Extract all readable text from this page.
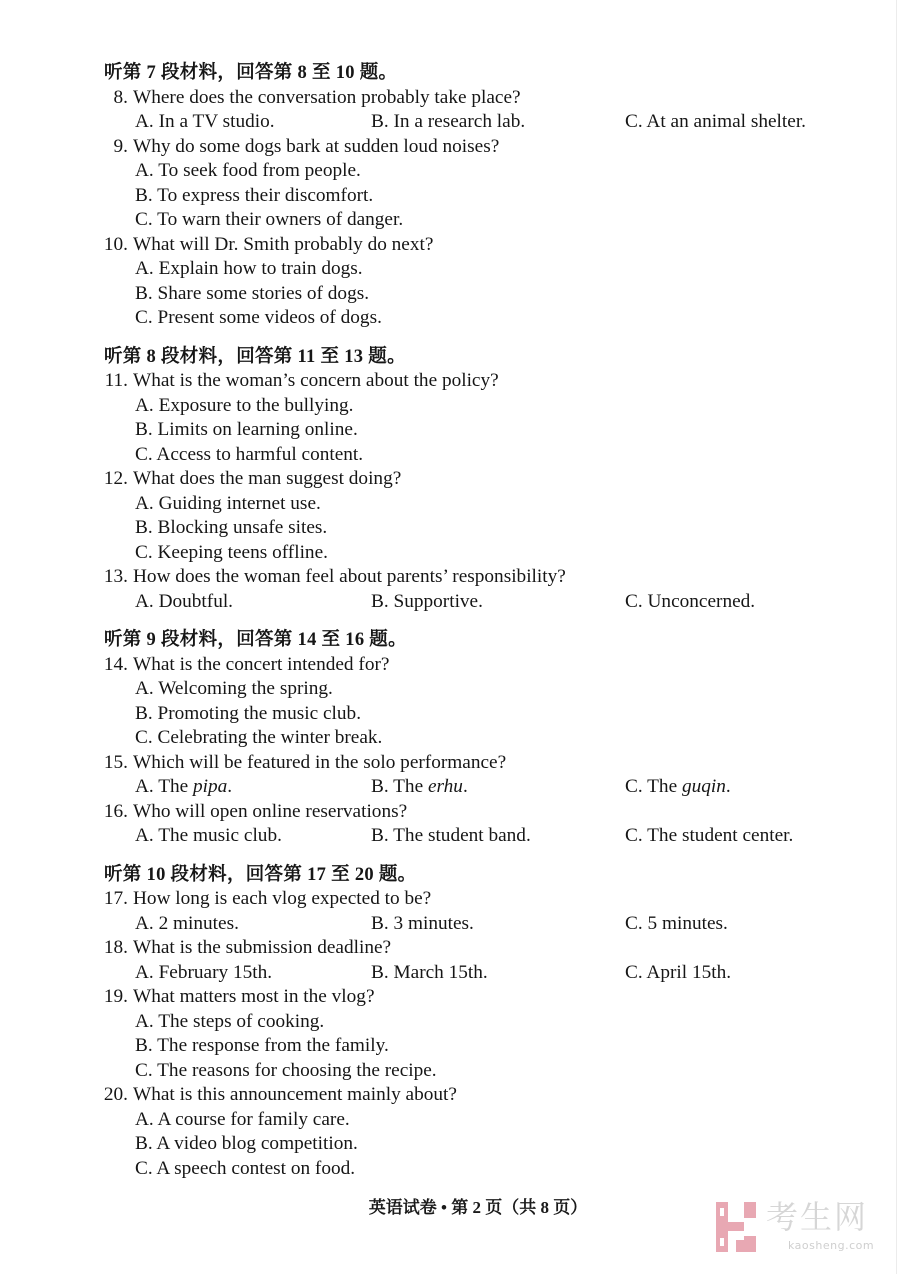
听第 7 段材料，回答第 8 至 10 题。
8. Where does the conversation probably take place?
A. In a TV studio.	B. In a research lab.	C. At an animal shelter.
9. Why do some dogs bark at sudden loud noises?
A. To seek food from people.
B. To express their discomfort.
C. To warn their owners of danger.
10. What will Dr. Smith probably do next?
A. Explain how to train dogs.
B. Share some stories of dogs.
C. Present some videos of dogs.
听第 8 段材料，回答第 11 至 13 题。
11. What is the woman’s concern about the policy?
A. Exposure to the bullying.
B. Limits on learning online.
C. Access to harmful content.
12. What does the man suggest doing?
A. Guiding internet use.
B. Blocking unsafe sites.
C. Keeping teens offline.
13. How does the woman feel about parents’ responsibility?
A. Doubtful.	B. Supportive.	C. Unconcerned.
听第 9 段材料，回答第 14 至 16 题。
14. What is the concert intended for?
A. Welcoming the spring.
B. Promoting the music club.
C. Celebrating the winter break.
15. Which will be featured in the solo performance?
A. The pipa.	B. The erhu.	C. The guqin.
16. Who will open online reservations?
A. The music club.	B. The student band.	C. The student center.
听第 10 段材料，回答第 17 至 20 题。
17. How long is each vlog expected to be?
A. 2 minutes.	B. 3 minutes.	C. 5 minutes.
18. What is the submission deadline?
A. February 15th.	B. March 15th.	C. April 15th.
19. What matters most in the vlog?
A. The steps of cooking.
B. The response from the family.
C. The reasons for choosing the recipe.
20. What is this announcement mainly about?
A. A course for family care.
B. A video blog competition.
C. A speech contest on food.
英语试卷 • 第 2 页（共 8 页）	考生网
kaosheng.com
